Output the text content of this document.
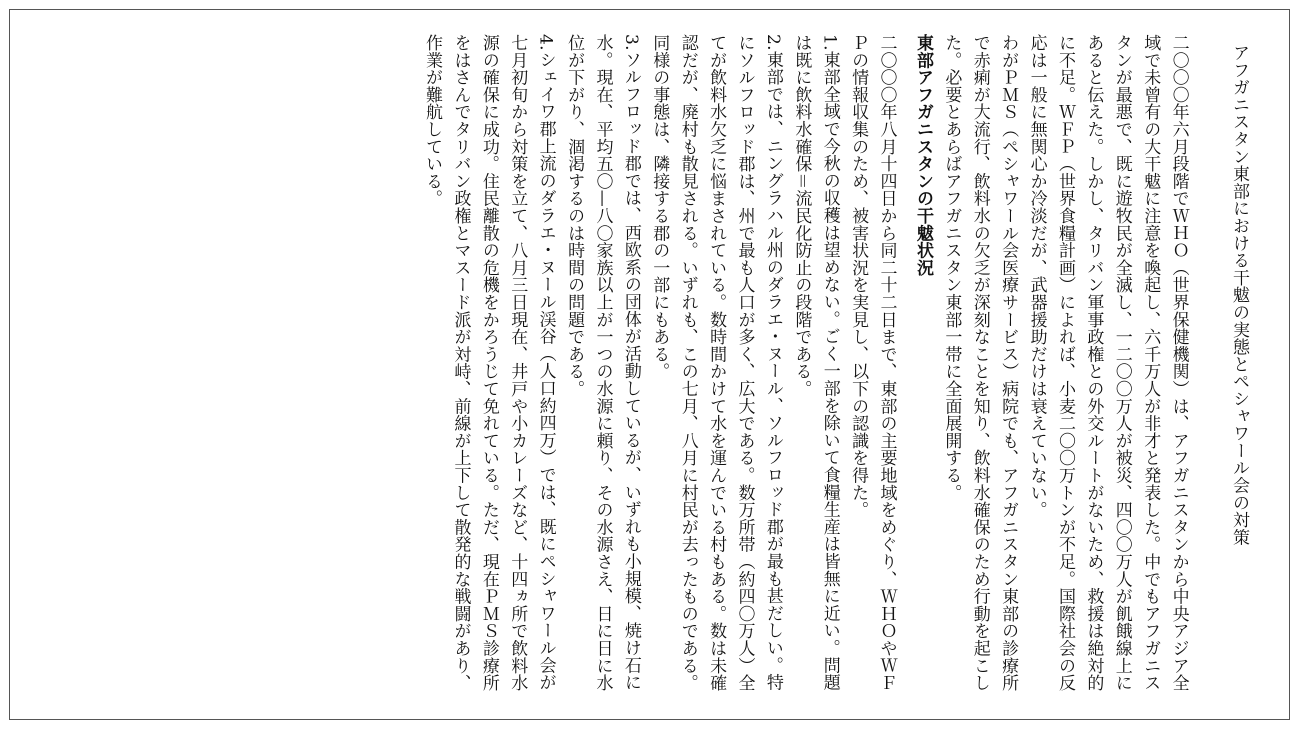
アフガニスタン東部における干魃の実態とペシャワール会の対策

二〇〇〇年六月段階でＷＨＯ（世界保健機関）は、アフガニスタンから中央アジア全域で未曾有の大干魃に注意を喚起し、六千万人が非才と発表した。中でもアフガニスタンが最悪で、既に遊牧民が全滅し、一二〇〇万人が被災、四〇〇万人が飢餓線上にあると伝えた。しかし、タリバン軍事政権との外交ルートがないため、救援は絶対的に不足。ＷＦＰ（世界食糧計画）によれば、小麦二〇〇万トンが不足。国際社会の反応は一般に無関心か冷淡だが、武器援助だけは衰えていない。

わがＰＭＳ（ペシャワール会医療サービス）病院でも、アフガニスタン東部の診療所で赤痢が大流行、飲料水の欠乏が深刻なことを知り、飲料水確保のため行動を起こした。必要とあらばアフガニスタン東部一帯に全面展開する。

東部アフガニスタンの干魃状況

二〇〇〇年八月十四日から同二十二日まで、東部の主要地域をめぐり、ＷＨＯやＷＦＰの情報収集のため、被害状況を実見し、以下の認識を得た。

1.東部全域で今秋の収穫は望めない。ごく一部を除いて食糧生産は皆無に近い。問題は既に飲料水確保＝流民化防止の段階である。

2.東部では、ニングラハル州のダラエ・ヌール、ソルフロッド郡が最も甚だしい。特にソルフロッド郡は、州で最も人口が多く、広大である。数万所帯（約四〇万人）全てが飲料水欠乏に悩まされている。数時間かけて水を運んでいる村もある。数は未確認だが、廃村も散見される。いずれも、この七月、八月に村民が去ったものである。

同様の事態は、隣接する郡の一部にもある。

3.ソルフロッド郡では、西欧系の団体が活動しているが、いずれも小規模、焼け石に水。現在、平均五〇—八〇家族以上が一つの水源に頼り、その水源さえ、日に日に水位が下がり、涸渇するのは時間の問題である。

4.シェイワ郡上流のダラエ・ヌール渓谷（人口約四万）では、既にペシャワール会が七月初旬から対策を立て、八月三日現在、井戸や小カレーズなど、十四ヵ所で飲料水源の確保に成功。住民離散の危機をかろうじて免れている。ただ、現在ＰＭＳ診療所をはさんでタリバン政権とマスード派が対峙、前線が上下して散発的な戦闘があり、作業が難航している。
